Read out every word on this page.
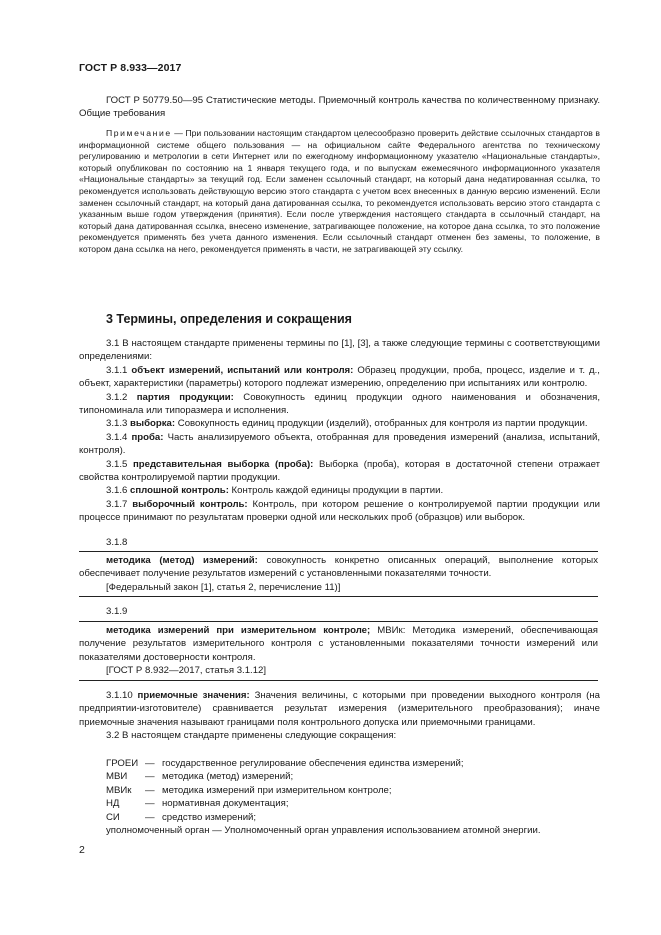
ГОСТ Р 8.933—2017

ГОСТ Р 50779.50—95 Статистические методы. Приемочный контроль качества по количественному признаку. Общие требования

Примечание — При пользовании настоящим стандартом целесообразно проверить действие ссылочных стандартов в информационной системе общего пользования — на официальном сайте Федерального агентства по техническому регулированию и метрологии в сети Интернет или по ежегодному информационному указателю «Национальные стандарты», который опубликован по состоянию на 1 января текущего года, и по выпускам ежемесячного информационного указателя «Национальные стандарты» за текущий год. Если заменен ссылочный стандарт, на который дана недатированная ссылка, то рекомендуется использовать действующую версию этого стандарта с учетом всех внесенных в данную версию изменений. Если заменен ссылочный стандарт, на который дана датированная ссылка, то рекомендуется использовать версию этого стандарта с указанным выше годом утверждения (принятия). Если после утверждения настоящего стандарта в ссылочный стандарт, на который дана датированная ссылка, внесено изменение, затрагивающее положение, на которое дана ссылка, то это положение рекомендуется применять без учета данного изменения. Если ссылочный стандарт отменен без замены, то положение, в котором дана ссылка на него, рекомендуется применять в части, не затрагивающей эту ссылку.

3 Термины, определения и сокращения

3.1 В настоящем стандарте применены термины по [1], [3], а также следующие термины с соответствующими определениями:

3.1.1 объект измерений, испытаний или контроля: Образец продукции, проба, процесс, изделие и т. д., объект, характеристики (параметры) которого подлежат измерению, определению при испытаниях или контролю.

3.1.2 партия продукции: Совокупность единиц продукции одного наименования и обозначения, типономинала или типоразмера и исполнения.

3.1.3 выборка: Совокупность единиц продукции (изделий), отобранных для контроля из партии продукции.

3.1.4 проба: Часть анализируемого объекта, отобранная для проведения измерений (анализа, испытаний, контроля).

3.1.5 представительная выборка (проба): Выборка (проба), которая в достаточной степени отражает свойства контролируемой партии продукции.

3.1.6 сплошной контроль: Контроль каждой единицы продукции в партии.

3.1.7 выборочный контроль: Контроль, при котором решение о контролируемой партии продукции или процессе принимают по результатам проверки одной или нескольких проб (образцов) или выборок.

3.1.8

методика (метод) измерений: совокупность конкретно описанных операций, выполнение которых обеспечивает получение результатов измерений с установленными показателями точности.

[Федеральный закон [1], статья 2, перечисление 11)]

3.1.9

методика измерений при измерительном контроле; МВИк: Методика измерений, обеспечивающая получение результатов измерительного контроля с установленными показателями точности измерений или показателями достоверности контроля.

[ГОСТ Р 8.932—2017, статья 3.1.12]

3.1.10 приемочные значения: Значения величины, с которыми при проведении выходного контроля (на предприятии-изготовителе) сравнивается результат измерения (измерительного преобразования); иначе приемочные значения называют границами поля контрольного допуска или приемочными границами.

3.2 В настоящем стандарте применены следующие сокращения:

ГРОЕИ — государственное регулирование обеспечения единства измерений;
МВИ — методика (метод) измерений;
МВИк — методика измерений при измерительном контроле;
НД	— нормативная документация;
СИ	— средство измерений;
уполномоченный орган — Уполномоченный орган управления использованием атомной энергии.
2
